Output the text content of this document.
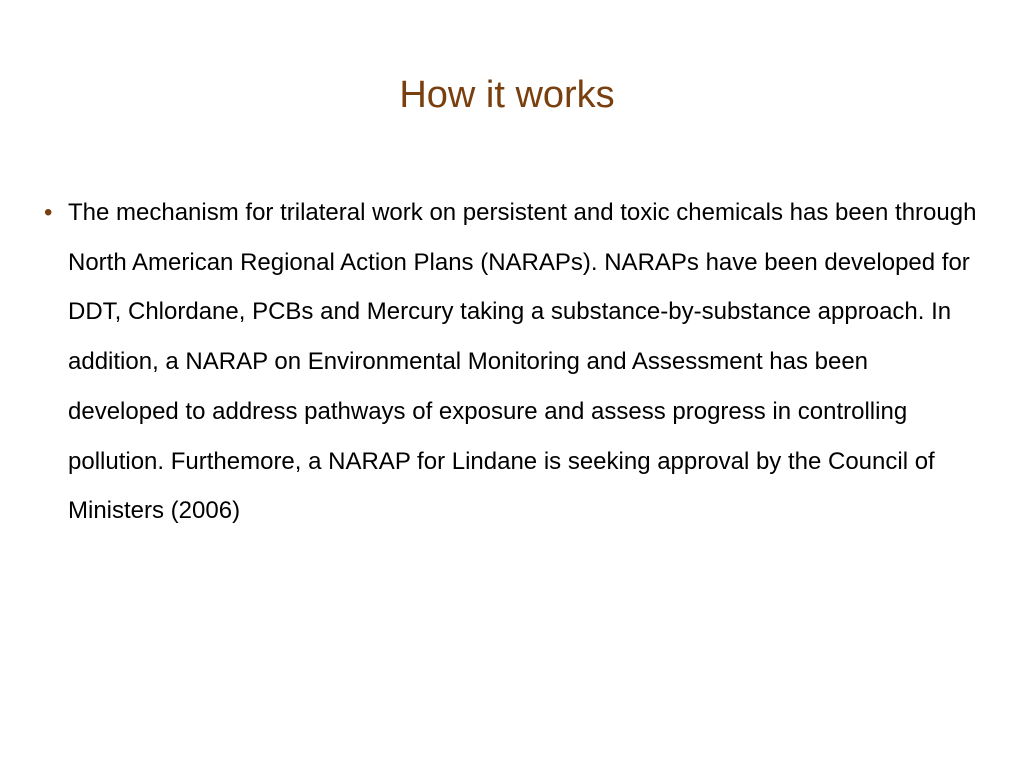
How it works
• The mechanism for trilateral work on persistent and toxic chemicals has been through North American Regional Action Plans (NARAPs). NARAPs have been developed for DDT, Chlordane, PCBs and Mercury taking a substance-by-substance approach. In addition, a NARAP on Environmental Monitoring and Assessment has been developed to address pathways of exposure and assess progress in controlling pollution. Furthemore, a NARAP for Lindane is seeking approval by the Council of Ministers (2006)
